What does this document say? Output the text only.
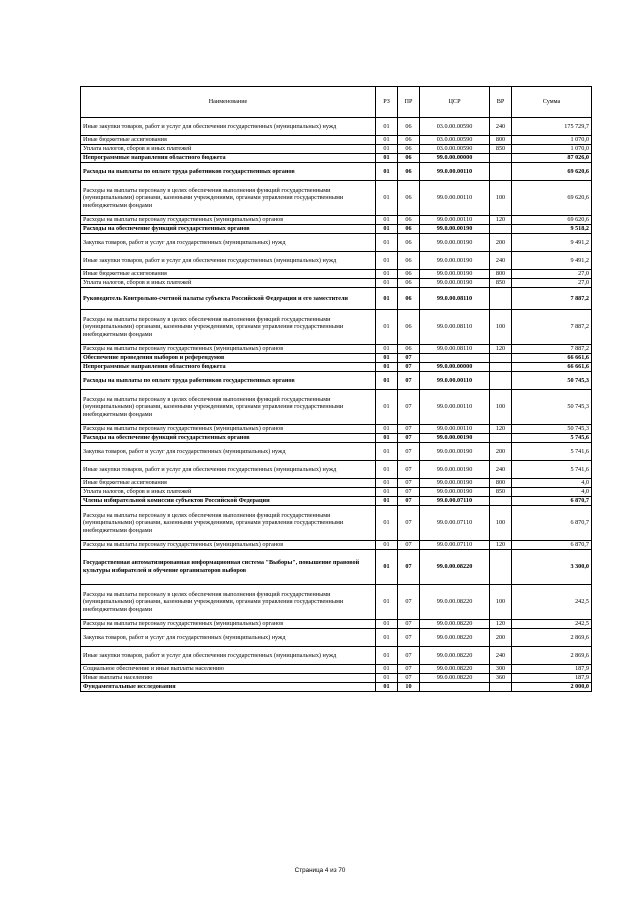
Наименование	РЗ	ПР	ЦСР	ВР	Сумма
Иные закупки товаров, работ и услуг для обеспечения государственных (муниципальных) нужд	01	06	03.0.00.00590	240	175 729,7
Иные бюджетные ассигнования	01	06	03.0.00.00590	800	1 070,0
Уплата налогов, сборов и иных платежей	01	06	03.0.00.00590	850	1 070,0
Непрограммные направления областного бюджета	01	06	99.0.00.00000		87 026,0
Расходы на выплаты по оплате труда работников государственных органов	01	06	99.0.00.00110		69 620,6
Расходы на выплаты персоналу в целях обеспечения выполнения функций государственными (муниципальными) органами, казенными учреждениями, органами управления государственными внебюджетными фондами	01	06	99.0.00.00110	100	69 620,6
Расходы на выплаты персоналу государственных (муниципальных) органов	01	06	99.0.00.00110	120	69 620,6
Расходы на обеспечение функций государственных органов	01	06	99.0.00.00190		9 518,2
Закупка товаров, работ и услуг для государственных (муниципальных) нужд	01	06	99.0.00.00190	200	9 491,2
Иные закупки товаров, работ и услуг для обеспечения государственных (муниципальных) нужд	01	06	99.0.00.00190	240	9 491,2
Иные бюджетные ассигнования	01	06	99.0.00.00190	800	27,0
Уплата налогов, сборов и иных платежей	01	06	99.0.00.00190	850	27,0
Руководитель Контрольно-счетной палаты субъекта Российской Федерации и его заместители	01	06	99.0.00.08110		7 887,2
Расходы на выплаты персоналу в целях обеспечения выполнения функций государственными (муниципальными) органами, казенными учреждениями, органами управления государственными внебюджетными фондами	01	06	99.0.00.08110	100	7 887,2
Расходы на выплаты персоналу государственных (муниципальных) органов	01	06	99.0.00.08110	120	7 887,2
Обеспечение проведения выборов и референдумов	01	07			66 661,6
Непрограммные направления областного бюджета	01	07	99.0.00.00000		66 661,6
Расходы на выплаты по оплате труда работников государственных органов	01	07	99.0.00.00110		50 745,3
Расходы на выплаты персоналу в целях обеспечения выполнения функций государственными (муниципальными) органами, казенными учреждениями, органами управления государственными внебюджетными фондами	01	07	99.0.00.00110	100	50 745,3
Расходы на выплаты персоналу государственных (муниципальных) органов	01	07	99.0.00.00110	120	50 745,3
Расходы на обеспечение функций государственных органов	01	07	99.0.00.00190		5 745,6
Закупка товаров, работ и услуг для государственных (муниципальных) нужд	01	07	99.0.00.00190	200	5 741,6
Иные закупки товаров, работ и услуг для обеспечения государственных (муниципальных) нужд	01	07	99.0.00.00190	240	5 741,6
Иные бюджетные ассигнования	01	07	99.0.00.00190	800	4,0
Уплата налогов, сборов и иных платежей	01	07	99.0.00.00190	850	4,0
Члены избирательной комиссии субъектов Российской Федерации	01	07	99.0.00.07110		6 870,7
Расходы на выплаты персоналу в целях обеспечения выполнения функций государственными (муниципальными) органами, казенными учреждениями, органами управления государственными внебюджетными фондами	01	07	99.0.00.07110	100	6 870,7
Расходы на выплаты персоналу государственных (муниципальных) органов	01	07	99.0.00.07110	120	6 870,7
Государственная автоматизированная информационная система "Выборы", повышение правовой культуры избирателей и обучение организаторов выборов	01	07	99.0.00.08220		3 300,0
Расходы на выплаты персоналу в целях обеспечения выполнения функций государственными (муниципальными) органами, казенными учреждениями, органами управления государственными внебюджетными фондами	01	07	99.0.00.08220	100	242,5
Расходы на выплаты персоналу государственных (муниципальных) органов	01	07	99.0.00.08220	120	242,5
Закупка товаров, работ и услуг для государственных (муниципальных) нужд	01	07	99.0.00.08220	200	2 869,6
Иные закупки товаров, работ и услуг для обеспечения государственных (муниципальных) нужд	01	07	99.0.00.08220	240	2 869,6
Социальное обеспечение и иные выплаты населению	01	07	99.0.00.08220	300	187,9
Иные выплаты населению	01	07	99.0.00.08220	360	187,9
Фундаментальные исследования	01	10			2 000,0
Страница 4 из 70
